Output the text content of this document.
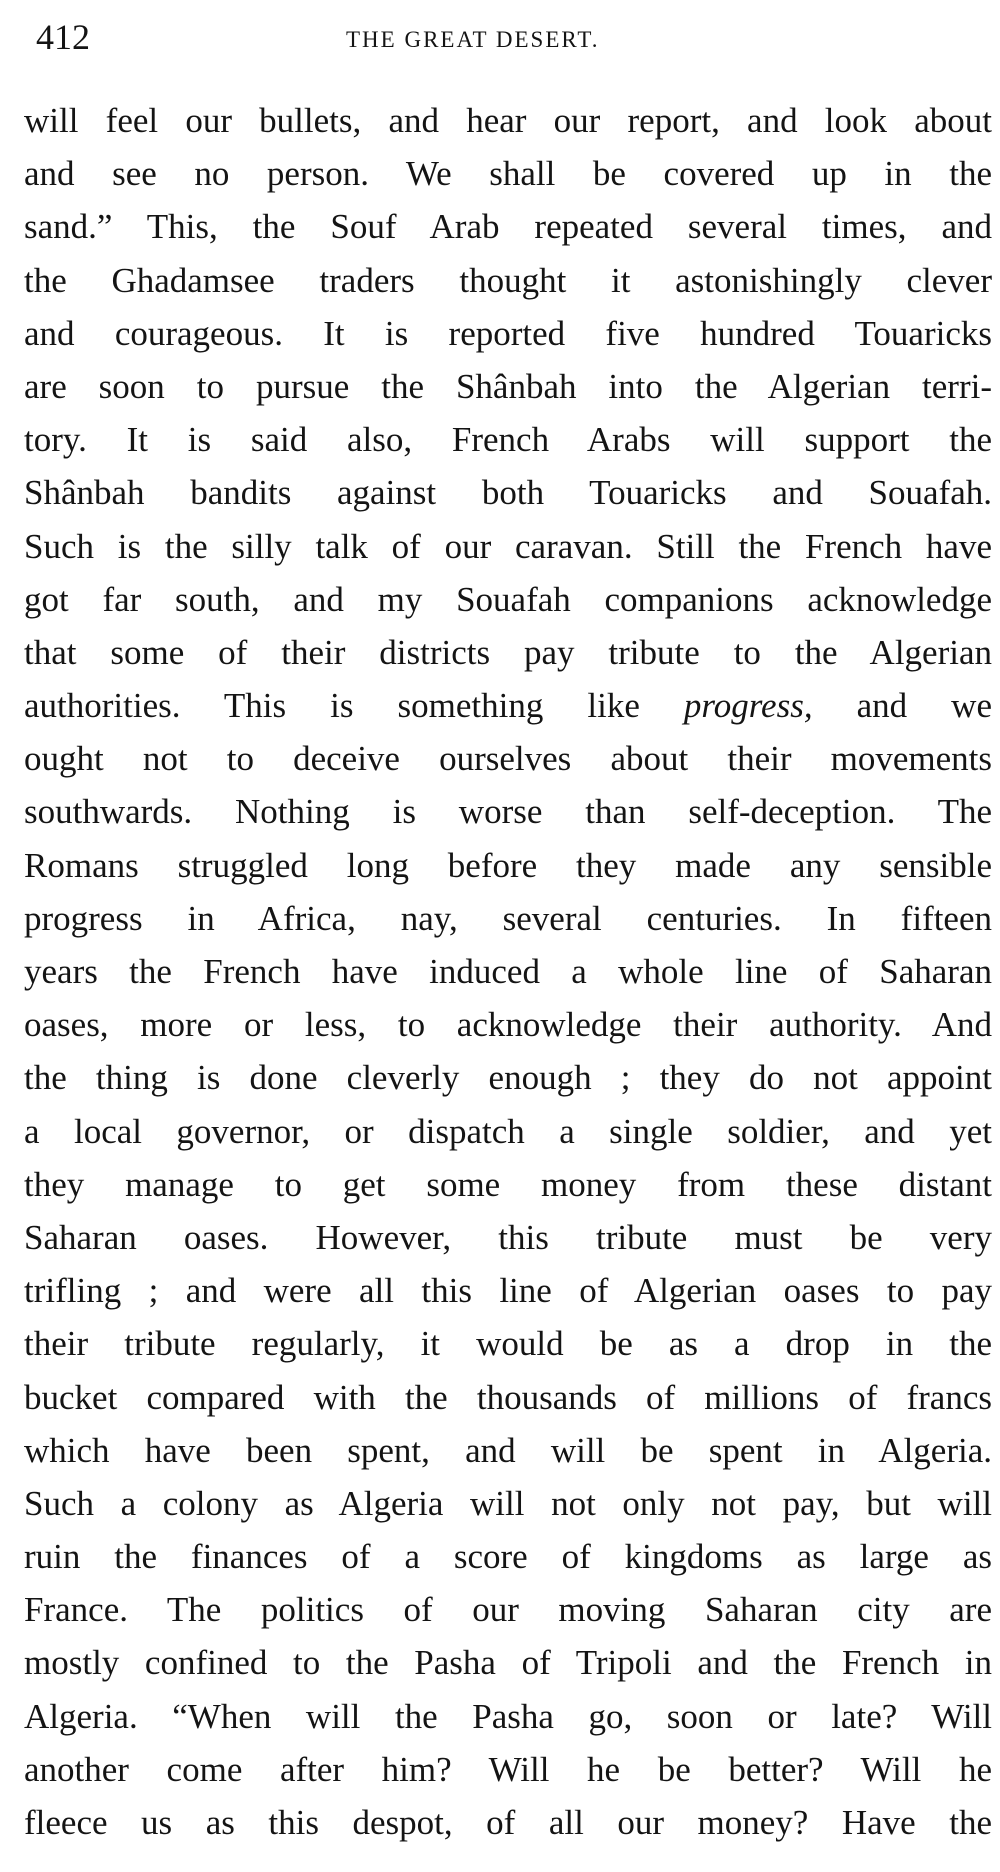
412	THE GREAT DESERT.
will feel our bullets, and hear our report, and look about
and see no person. We shall be covered up in the
sand.” This, the Souf Arab repeated several times, and
the Ghadamsee traders thought it astonishingly clever
and courageous. It is reported five hundred Touaricks
are soon to pursue the Shânbah into the Algerian terri-
tory. It is said also, French Arabs will support the
Shânbah bandits against both Touaricks and Souafah.
Such is the silly talk of our caravan. Still the French have
got far south, and my Souafah companions acknowledge
that some of their districts pay tribute to the Algerian
authorities. This is something like progress, and we
ought not to deceive ourselves about their movements
southwards. Nothing is worse than self-deception. The
Romans struggled long before they made any sensible
progress in Africa, nay, several centuries. In fifteen
years the French have induced a whole line of Saharan
oases, more or less, to acknowledge their authority. And
the thing is done cleverly enough ; they do not appoint
a local governor, or dispatch a single soldier, and yet
they manage to get some money from these distant
Saharan oases. However, this tribute must be very
trifling ; and were all this line of Algerian oases to pay
their tribute regularly, it would be as a drop in the
bucket compared with the thousands of millions of francs
which have been spent, and will be spent in Algeria.
Such a colony as Algeria will not only not pay, but will
ruin the finances of a score of kingdoms as large as
France. The politics of our moving Saharan city are
mostly confined to the Pasha of Tripoli and the French in
Algeria. “When will the Pasha go, soon or late? Will
another come after him? Will he be better? Will he
fleece us as this despot, of all our money? Have the
